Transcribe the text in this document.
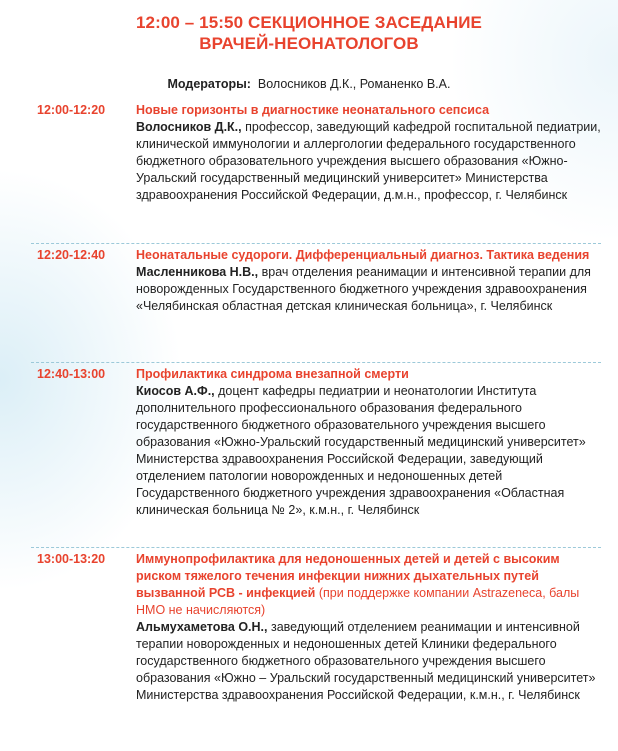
12:00 – 15:50 СЕКЦИОННОЕ ЗАСЕДАНИЕ
ВРАЧЕЙ-НЕОНАТОЛОГОВ
Модераторы: Волосников Д.К., Романенко В.А.
12:00-12:20	Новые горизонты в диагностике неонатального сепсиса
Волосников Д.К., профессор, заведующий кафедрой госпитальной педиатрии, клинической иммунологии и аллергологии федерального государственного бюджетного образовательного учреждения высшего образования «Южно-Уральский государственный медицинский университет» Министерства здравоохранения Российской Федерации, д.м.н., профессор, г. Челябинск
12:20-12:40	Неонатальные судороги. Дифференциальный диагноз. Тактика ведения
Масленникова Н.В., врач отделения реанимации и интенсивной терапии для новорожденных Государственного бюджетного учреждения здравоохранения «Челябинская областная детская клиническая больница», г. Челябинск
12:40-13:00	Профилактика синдрома внезапной смерти
Киосов А.Ф., доцент кафедры педиатрии и неонатологии Института дополнительного профессионального образования федерального государственного бюджетного образовательного учреждения высшего образования «Южно-Уральский государственный медицинский университет» Министерства здравоохранения Российской Федерации, заведующий отделением патологии новорожденных и недоношенных детей Государственного бюджетного учреждения здравоохранения «Областная клиническая больница № 2», к.м.н., г. Челябинск
13:00-13:20	Иммунопрофилактика для недоношенных детей и детей с высоким риском тяжелого течения инфекции нижних дыхательных путей вызванной РСВ - инфекцией (при поддержке компании Astrazeneca, балы НМО не начисляются)
Альмухаметова О.Н., заведующий отделением реанимации и интенсивной терапии новорожденных и недоношенных детей Клиники федерального государственного бюджетного образовательного учреждения высшего образования «Южно – Уральский государственный медицинский университет» Министерства здравоохранения Российской Федерации, к.м.н., г. Челябинск
